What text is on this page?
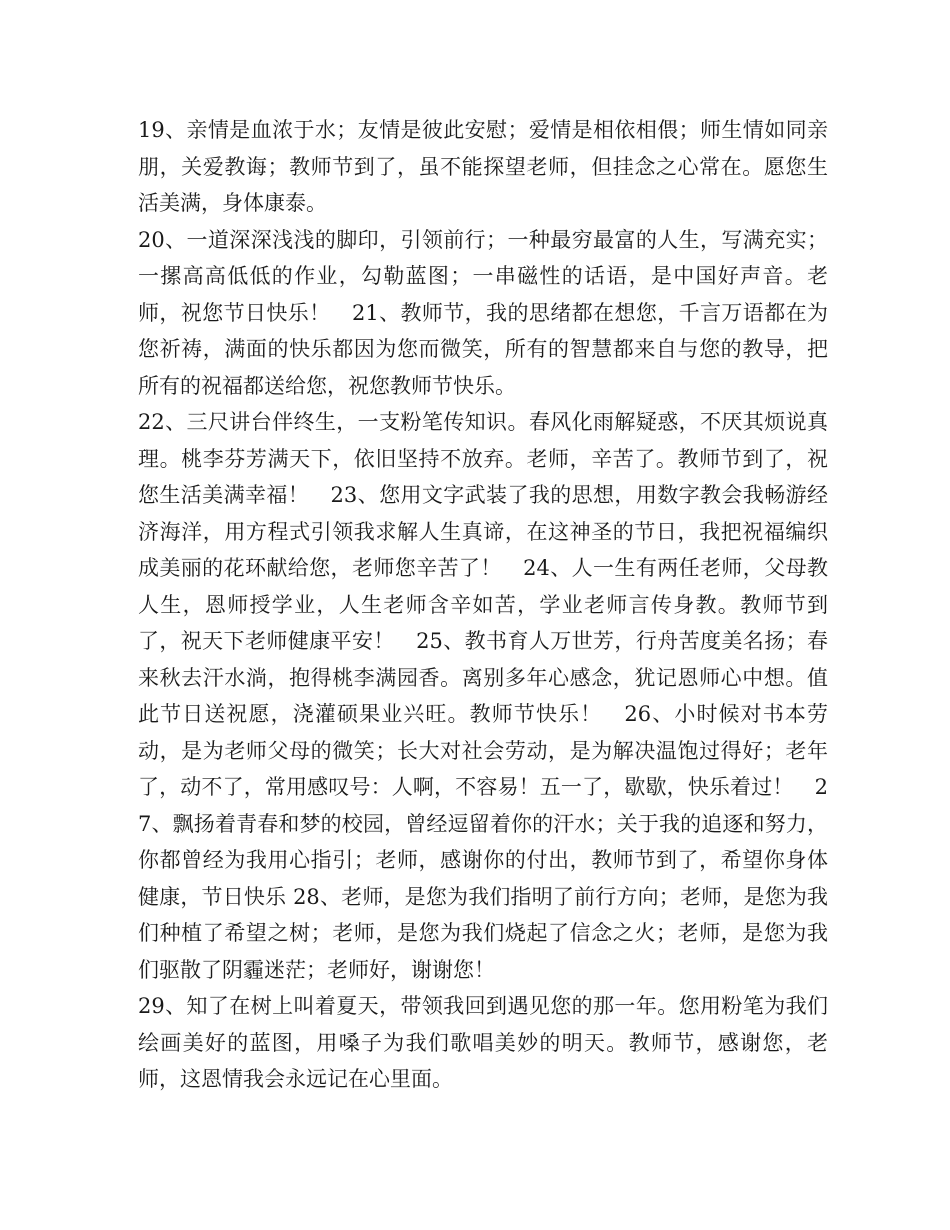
19、亲情是血浓于水；友情是彼此安慰；爱情是相依相偎；师生情如同亲朋，关爱教诲；教师节到了，虽不能探望老师，但挂念之心常在。愿您生活美满，身体康泰。

20、一道深深浅浅的脚印，引领前行；一种最穷最富的人生，写满充实；一摞高高低低的作业，勾勒蓝图；一串磁性的话语，是中国好声音。老师，祝您节日快乐！　21、教师节，我的思绪都在想您，千言万语都在为您祈祷，满面的快乐都因为您而微笑，所有的智慧都来自与您的教导，把所有的祝福都送给您，祝您教师节快乐。

22、三尺讲台伴终生，一支粉笔传知识。春风化雨解疑惑，不厌其烦说真理。桃李芬芳满天下，依旧坚持不放弃。老师，辛苦了。教师节到了，祝您生活美满幸福！　23、您用文字武装了我的思想，用数字教会我畅游经济海洋，用方程式引领我求解人生真谛，在这神圣的节日，我把祝福编织成美丽的花环献给您，老师您辛苦了！　24、人一生有两任老师，父母教人生，恩师授学业，人生老师含辛如苦，学业老师言传身教。教师节到了，祝天下老师健康平安！　25、教书育人万世芳，行舟苦度美名扬；春来秋去汗水淌，抱得桃李满园香。离别多年心感念，犹记恩师心中想。值此节日送祝愿，浇灌硕果业兴旺。教师节快乐！　26、小时候对书本劳动，是为老师父母的微笑；长大对社会劳动，是为解决温饱过得好；老年了，动不了，常用感叹号：人啊，不容易！五一了，歇歇，快乐着过！　27、飘扬着青春和梦的校园，曾经逗留着你的汗水；关于我的追逐和努力，你都曾经为我用心指引；老师，感谢你的付出，教师节到了，希望你身体健康，节日快乐 28、老师，是您为我们指明了前行方向；老师，是您为我们种植了希望之树；老师，是您为我们烧起了信念之火；老师，是您为我们驱散了阴霾迷茫；老师好，谢谢您！

29、知了在树上叫着夏天，带领我回到遇见您的那一年。您用粉笔为我们绘画美好的蓝图，用嗓子为我们歌唱美妙的明天。教师节，感谢您，老师，这恩情我会永远记在心里面。
